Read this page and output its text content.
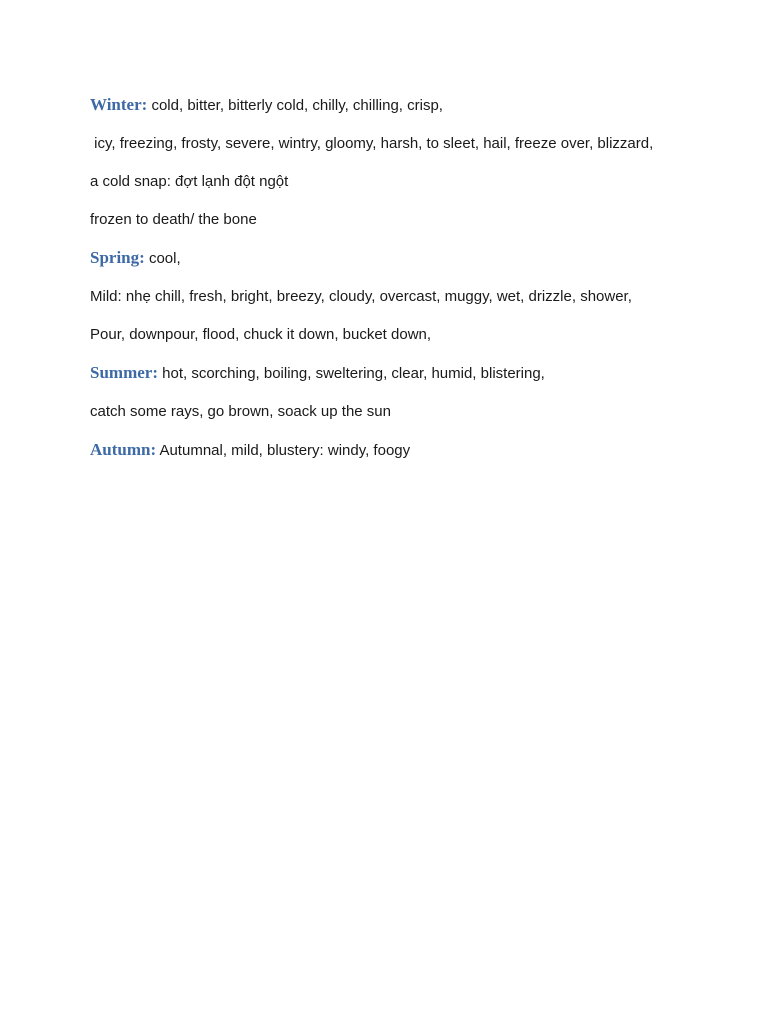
Winter: cold, bitter, bitterly cold, chilly, chilling, crisp,

icy, freezing, frosty, severe, wintry, gloomy, harsh, to sleet, hail, freeze over, blizzard,

a cold snap: đợt lạnh đột ngột

frozen to death/ the bone

Spring: cool,

Mild: nhẹ chill, fresh, bright, breezy, cloudy, overcast, muggy, wet, drizzle, shower,

Pour, downpour, flood, chuck it down, bucket down,

Summer: hot, scorching, boiling, sweltering, clear, humid, blistering,

catch some rays, go brown, soack up the sun

Autumn: Autumnal, mild, blustery: windy, foogy
